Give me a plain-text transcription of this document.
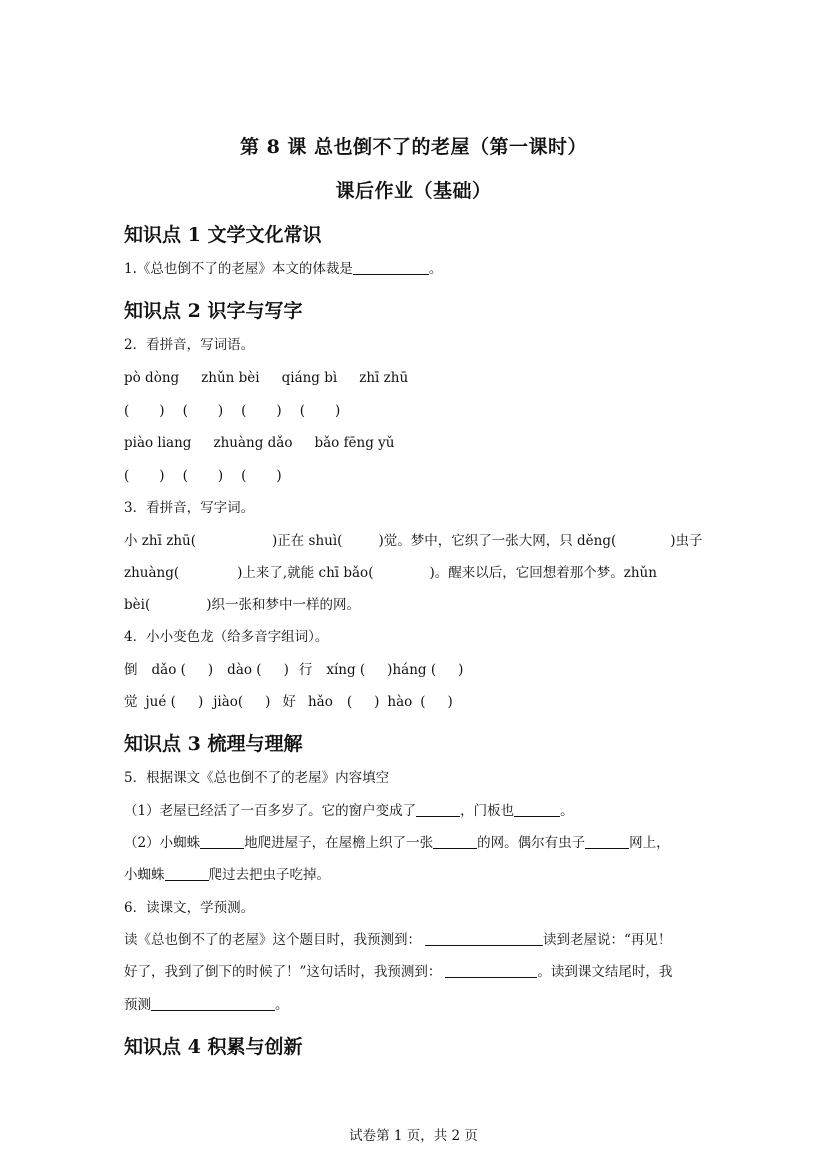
第 8 课 总也倒不了的老屋（第一课时）
课后作业（基础）
知识点 1 文学文化常识
1.《总也倒不了的老屋》本文的体裁是	。
知识点 2 识字与写字
2．看拼音，写词语。
pò dòng zhǔn bèi qiáng bì zhī zhū
( ) ( ) ( ) ( )
piào liang zhuàng dǎo bǎo fēng yǔ
( ) ( ) ( )
3．看拼音，写字词。
小 zhī zhū(	)正在 shuì(	)觉。梦中，它织了一张大网，只 děng(	)虫子
zhuàng(	)上来了,就能 chī bǎo(	)。醒来以后，它回想着那个梦。zhǔn
bèi(	)织一张和梦中一样的网。
4．小小变色龙（给多音字组词）。
倒 dǎo ( ) dào ( ) 行 xíng ( )háng ( )
觉 jué ( ) jiào( ) 好 hǎo ( ) hào ( )
知识点 3 梳理与理解
5．根据课文《总也倒不了的老屋》内容填空
（1）老屋已经活了一百多岁了。它的窗户变成了	，门板也	。
（2）小蜘蛛	地爬进屋子，在屋檐上织了一张	的网。偶尔有虫子	网上，
小蜘蛛	爬过去把虫子吃掉。
6．读课文，学预测。
读《总也倒不了的老屋》这个题目时，我预测到：	读到老屋说：“再见！
好了，我到了倒下的时候了！”这句话时，我预测到：	。读到课文结尾时，我
预测	。
知识点 4 积累与创新
试卷第 1 页，共 2 页
